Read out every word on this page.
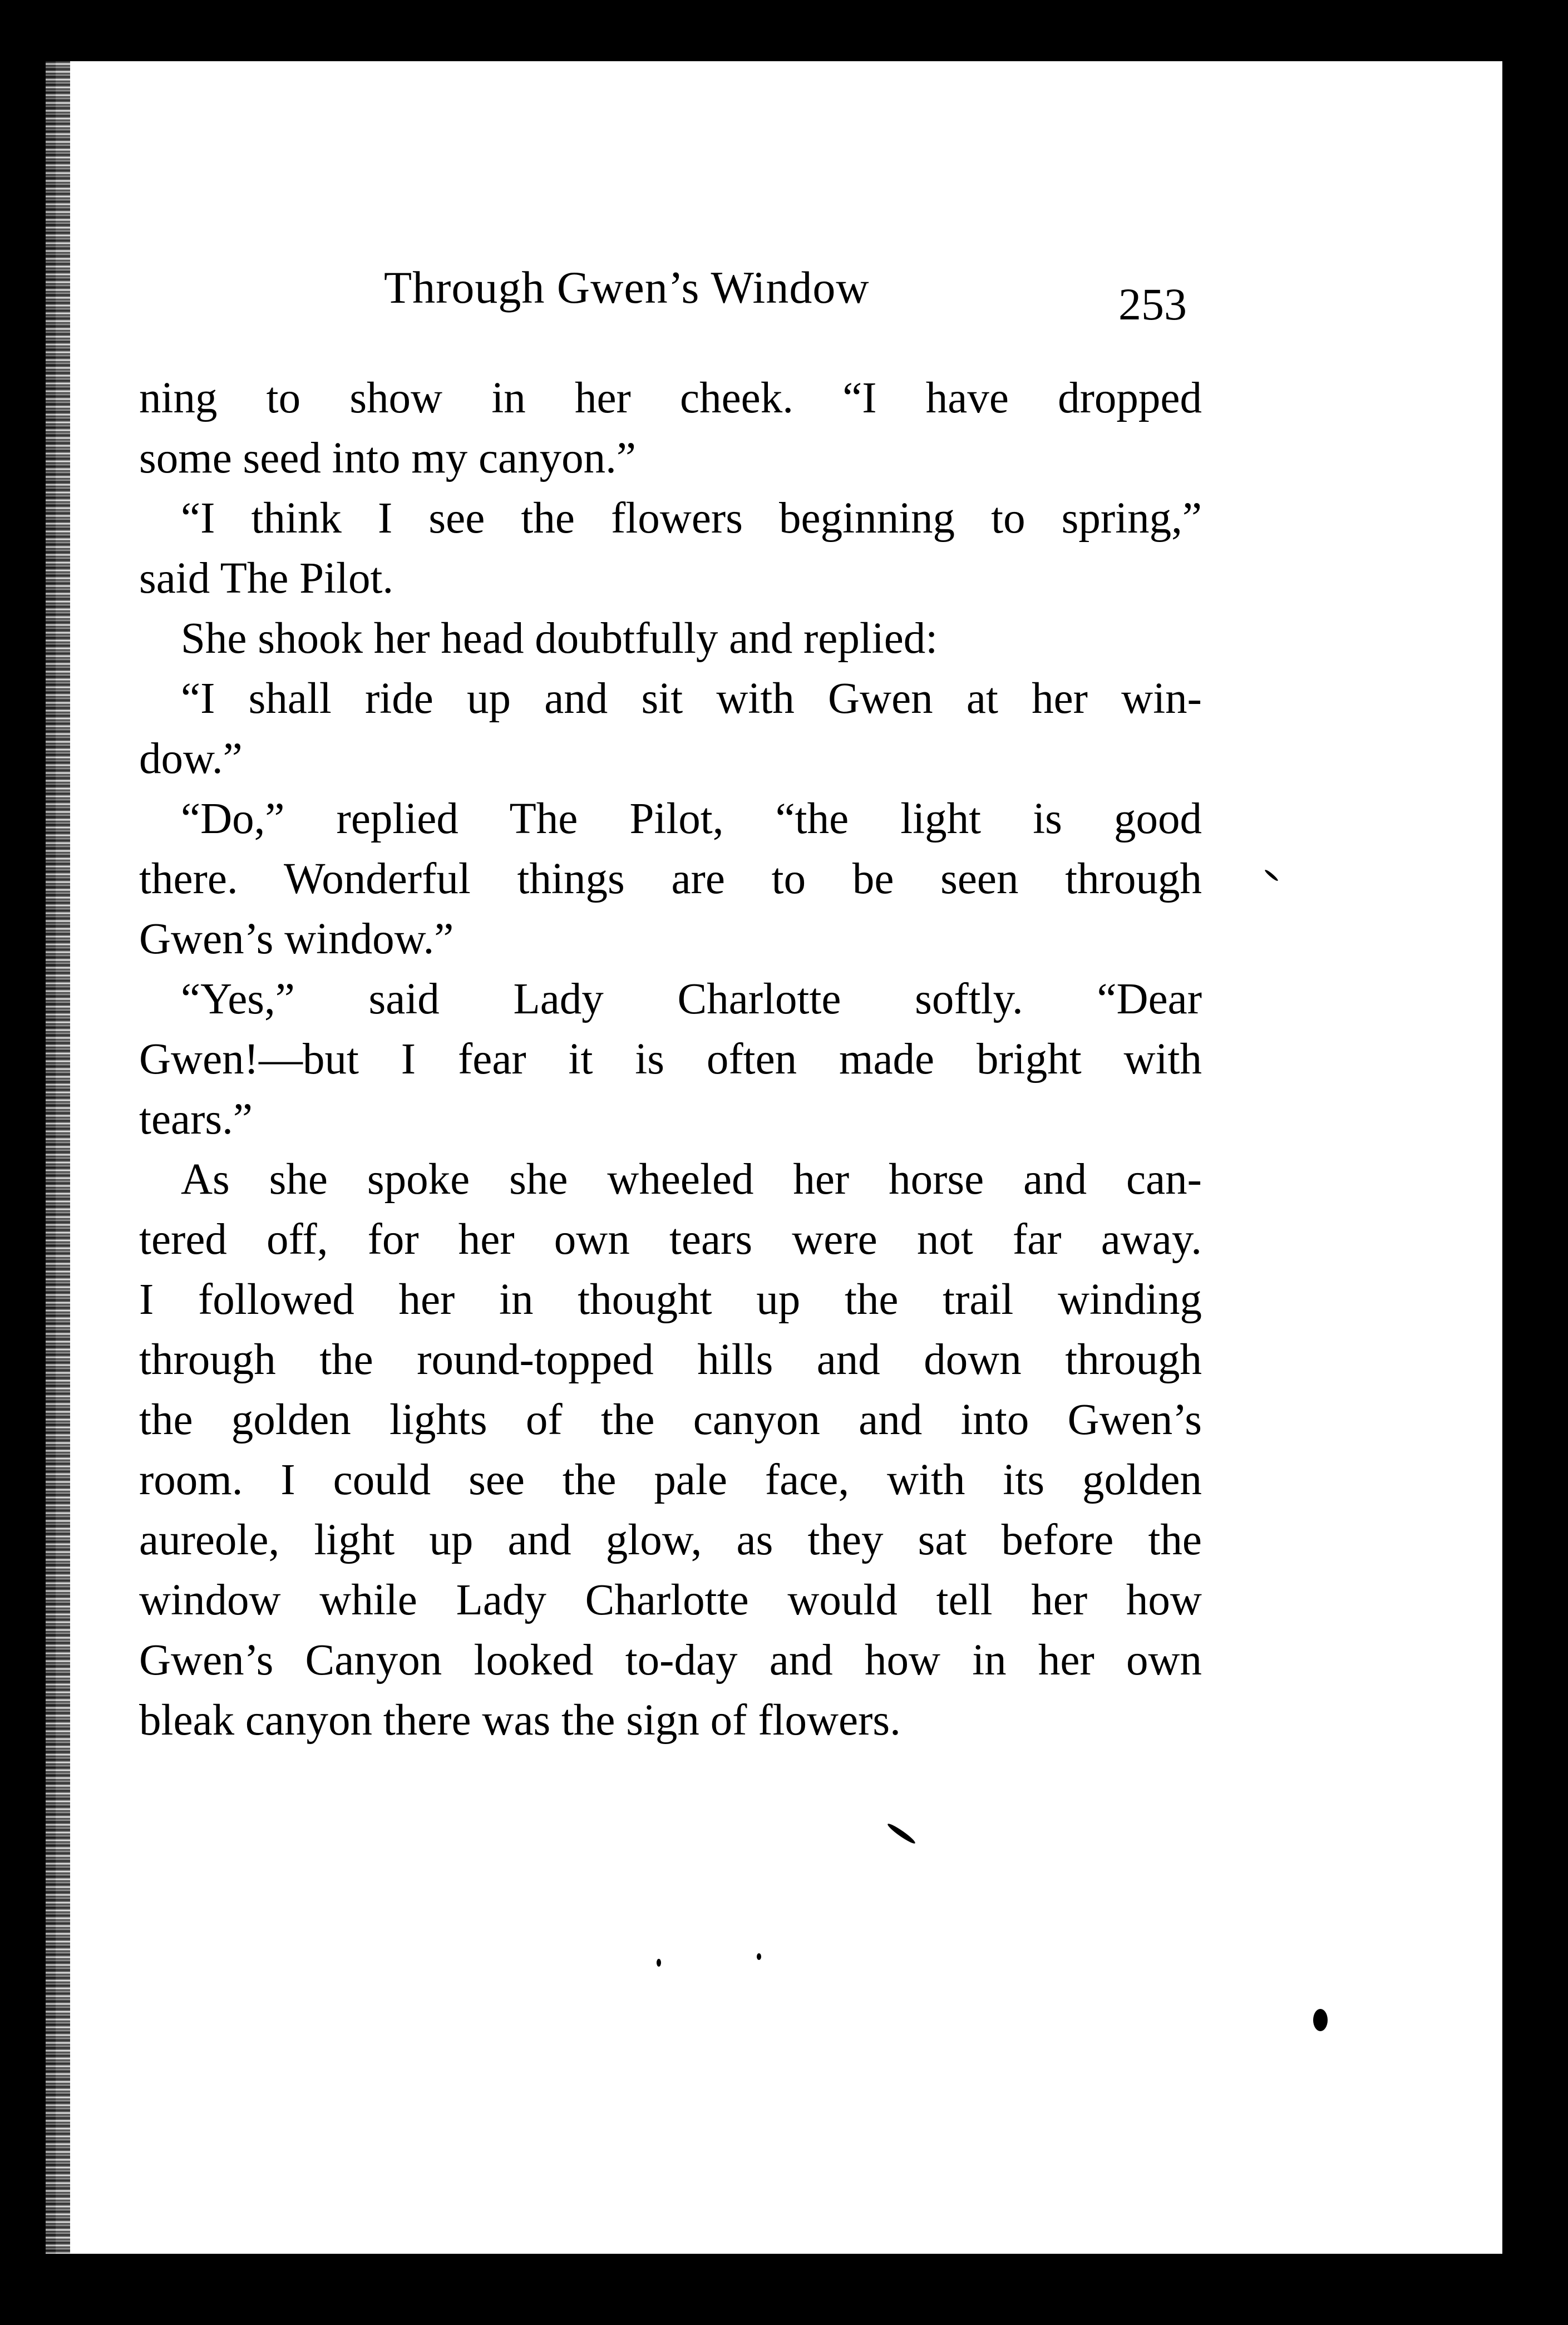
Through Gwen’s Window	253
ning to show in her cheek. “I have dropped
some seed into my canyon.”
“I think I see the flowers beginning to spring,”
said The Pilot.
She shook her head doubtfully and replied:
“I shall ride up and sit with Gwen at her win-
dow.”
“Do,” replied The Pilot, “the light is good
there. Wonderful things are to be seen through
Gwen’s window.”
“Yes,” said Lady Charlotte softly. “Dear
Gwen!—but I fear it is often made bright with
tears.”
As she spoke she wheeled her horse and can-
tered off, for her own tears were not far away.
I followed her in thought up the trail winding
through the round-topped hills and down through
the golden lights of the canyon and into Gwen’s
room. I could see the pale face, with its golden
aureole, light up and glow, as they sat before the
window while Lady Charlotte would tell her how
Gwen’s Canyon looked to-day and how in her own
bleak canyon there was the sign of flowers.
